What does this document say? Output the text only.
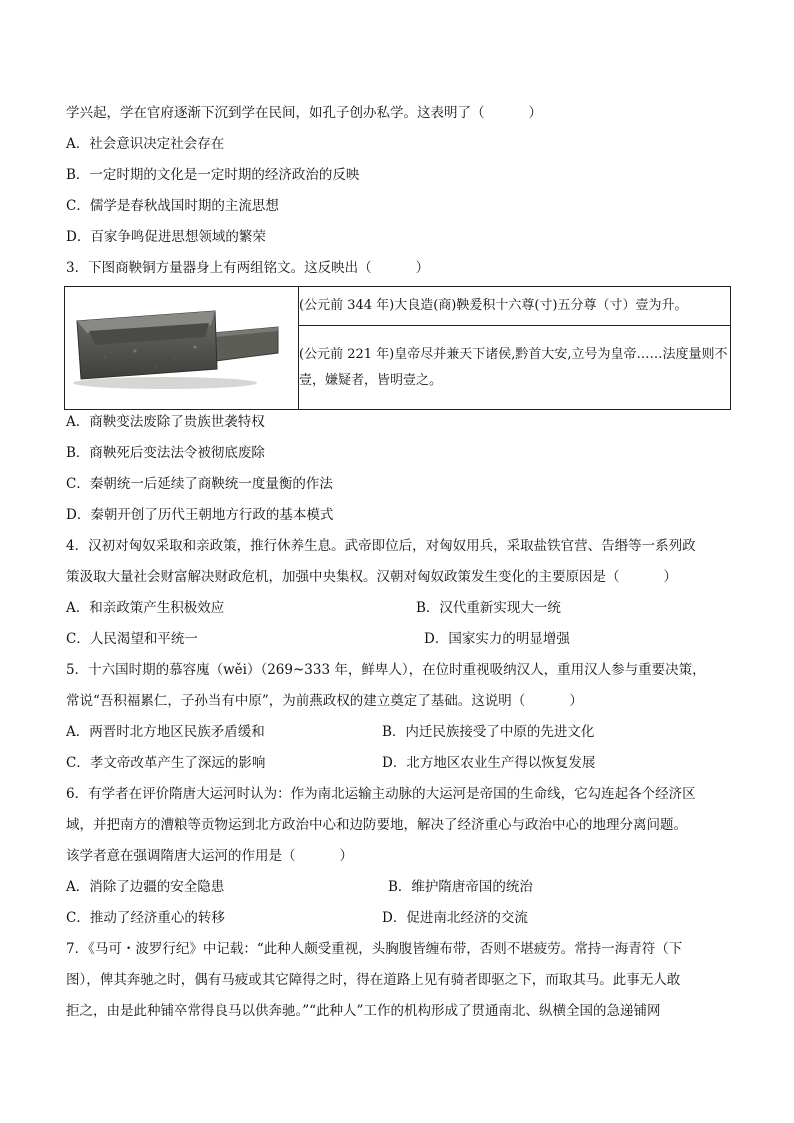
学兴起，学在官府逐渐下沉到学在民间，如孔子创办私学。这表明了（	）
A．社会意识决定社会存在
B．一定时期的文化是一定时期的经济政治的反映
C．儒学是春秋战国时期的主流思想
D．百家争鸣促进思想领域的繁荣
3．下图商鞅铜方量器身上有两组铭文。这反映出（	）
	(公元前 344 年)大良造(商)鞅爰积十六尊(寸)五分尊（寸）壹为升。

(公元前 221 年)皇帝尽并兼天下诸侯,黔首大安,立号为皇帝……法度量则不壹，嫌疑者，皆明壹之。
A．商鞅变法废除了贵族世袭特权
B．商鞅死后变法法令被彻底废除
C．秦朝统一后延续了商鞅统一度量衡的作法
D．秦朝开创了历代王朝地方行政的基本模式
4．汉初对匈奴采取和亲政策，推行休养生息。武帝即位后，对匈奴用兵，采取盐铁官营、告缗等一系列政
策汲取大量社会财富解决财政危机，加强中央集权。汉朝对匈奴政策发生变化的主要原因是（	）
A．和亲政策产生积极效应	B．汉代重新实现大一统
C．人民渴望和平统一	D．国家实力的明显增强
5．十六国时期的慕容廆（wěi）（269~333 年，鲜卑人），在位时重视吸纳汉人，重用汉人参与重要决策，
常说“吾积福累仁，子孙当有中原”，为前燕政权的建立奠定了基础。这说明（	）
A．两晋时北方地区民族矛盾缓和	B．内迁民族接受了中原的先进文化
C．孝文帝改革产生了深远的影响	D．北方地区农业生产得以恢复发展
6．有学者在评价隋唐大运河时认为：作为南北运输主动脉的大运河是帝国的生命线，它勾连起各个经济区
域，并把南方的漕粮等贡物运到北方政治中心和边防要地，解决了经济重心与政治中心的地理分离问题。
该学者意在强调隋唐大运河的作用是（	）
A．消除了边疆的安全隐患	B．维护隋唐帝国的统治
C．推动了经济重心的转移	D．促进南北经济的交流
7．《马可・波罗行纪》中记载：“此种人颇受重视，头胸腹皆缠布带，否则不堪疲劳。常持一海青符（下
图），俾其奔驰之时，偶有马疲或其它障得之时，得在道路上见有骑者即驱之下，而取其马。此事无人敢
拒之，由是此种铺卒常得良马以供奔驰。”“此种人”工作的机构形成了贯通南北、纵横全国的急递铺网
